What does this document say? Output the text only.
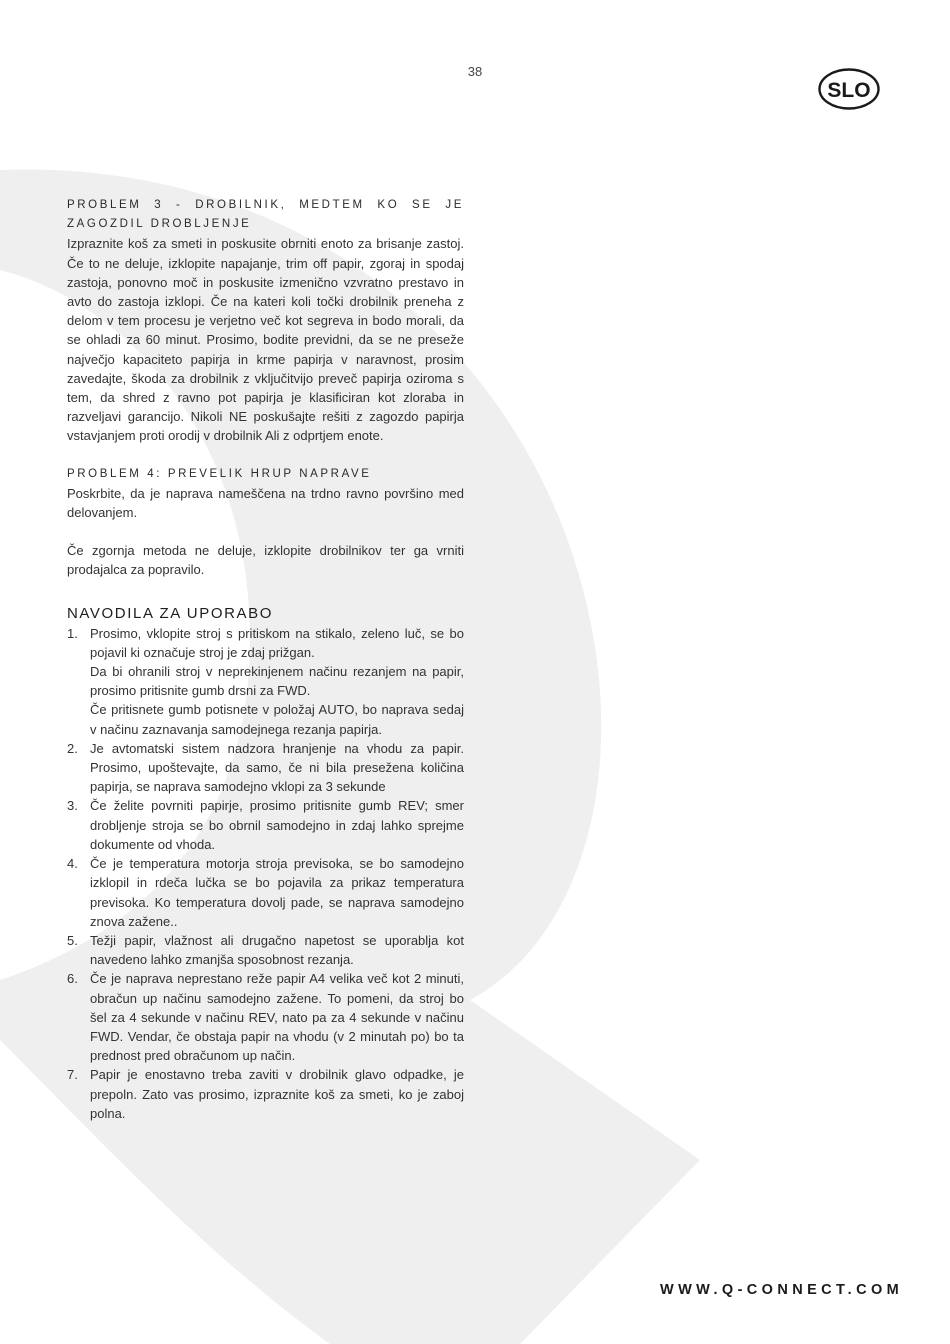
38
SLO

PROBLEM 3 - DROBILNIK, MEDTEM KO SE JE ZAGOZDIL DROBLJENJE

Izpraznite koš za smeti in poskusite obrniti enoto za brisanje zastoj. Če to ne deluje, izklopite napajanje, trim off papir, zgoraj in spodaj zastoja, ponovno moč in poskusite izmenično vzvratno prestavo in avto do zastoja izklopi. Če na kateri koli točki drobilnik preneha z delom v tem procesu je verjetno več kot segreva in bodo morali, da se ohladi za 60 minut. Prosimo, bodite previdni, da se ne preseže največjo kapaciteto papirja in krme papirja v naravnost, prosim zavedajte, škoda za drobilnik z vključitvijo preveč papirja oziroma s tem, da shred z ravno pot papirja je klasificiran kot zloraba in razveljavi garancijo. Nikoli NE poskušajte rešiti z zagozdo papirja vstavjanjem proti orodij v drobilnik Ali z odprtjem enote.

PROBLEM 4: PREVELIK HRUP NAPRAVE

Poskrbite, da je naprava nameščena na trdno ravno površino med delovanjem.

Če zgornja metoda ne deluje, izklopite drobilnikov ter ga vrniti prodajalca za popravilo.

NAVODILA ZA UPORABO

1. Prosimo, vklopite stroj s pritiskom na stikalo, zeleno luč, se bo pojavil ki označuje stroj je zdaj prižgan.
Da bi ohranili stroj v neprekinjenem načinu rezanjem na papir, prosimo pritisnite gumb drsni za FWD.
Če pritisnete gumb potisnete v položaj AUTO, bo naprava sedaj v načinu zaznavanja samodejnega rezanja papirja.
2. Je avtomatski sistem nadzora hranjenje na vhodu za papir. Prosimo, upoštevajte, da samo, če ni bila presežena količina papirja, se naprava samodejno vklopi za 3 sekunde
3. Če želite povrniti papirje, prosimo pritisnite gumb REV; smer drobljenje stroja se bo obrnil samodejno in zdaj lahko sprejme dokumente od vhoda.
4. Če je temperatura motorja stroja previsoka, se bo samodejno izklopil in rdeča lučka se bo pojavila za prikaz temperatura previsoka. Ko temperatura dovolj pade, se naprava samodejno znova zažene..
5. Težji papir, vlažnost ali drugačno napetost se uporablja kot navedeno lahko zmanjša sposobnost rezanja.
6. Če je naprava neprestano reže papir A4 velika več kot 2 minuti, obračun up načinu samodejno zažene. To pomeni, da stroj bo šel za 4 sekunde v načinu REV, nato pa za 4 sekunde v načinu FWD. Vendar, če obstaja papir na vhodu (v 2 minutah po) bo ta prednost pred obračunom up način.
7. Papir je enostavno treba zaviti v drobilnik glavo odpadke, je prepoln. Zato vas prosimo, izpraznite koš za smeti, ko je zaboj polna.
WWW.Q-CONNECT.COM
